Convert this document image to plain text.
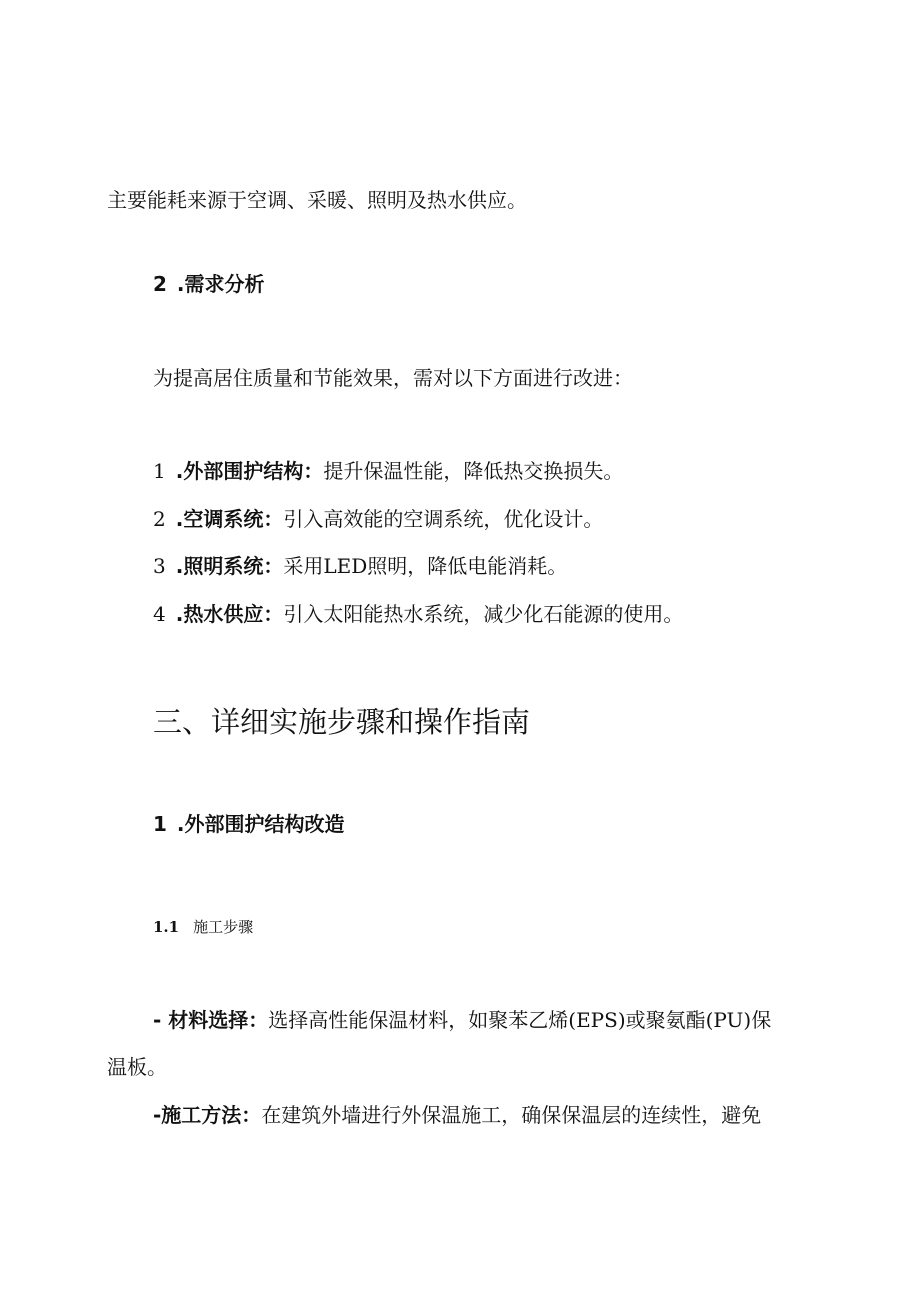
主要能耗来源于空调、采暖、照明及热水供应。
2 .需求分析
为提高居住质量和节能效果，需对以下方面进行改进：
1 .外部围护结构：提升保温性能，降低热交换损失。
2 .空调系统：引入高效能的空调系统，优化设计。
3 .照明系统：采用LED照明，降低电能消耗。
4 .热水供应：引入太阳能热水系统，减少化石能源的使用。
三、详细实施步骤和操作指南
1 .外部围护结构改造
1.1 施工步骤
- 材料选择：选择高性能保温材料，如聚苯乙烯(EPS)或聚氨酯(PU)保
温板。
-施工方法：在建筑外墙进行外保温施工，确保保温层的连续性，避免
